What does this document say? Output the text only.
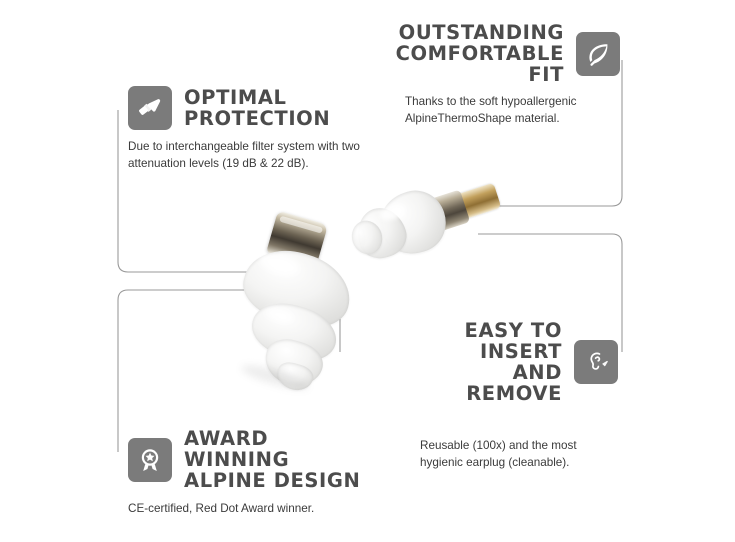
OPTIMAL
PROTECTION
Due to interchangeable filter system with two attenuation levels (19 dB & 22 dB).
OUTSTANDING
COMFORTABLE FIT
Thanks to the soft hypoallergenic AlpineThermoShape material.
EASY TO INSERT
AND REMOVE
Reusable (100x) and the most hygienic earplug (cleanable).
AWARD WINNING
ALPINE DESIGN
CE-certified, Red Dot Award winner.
